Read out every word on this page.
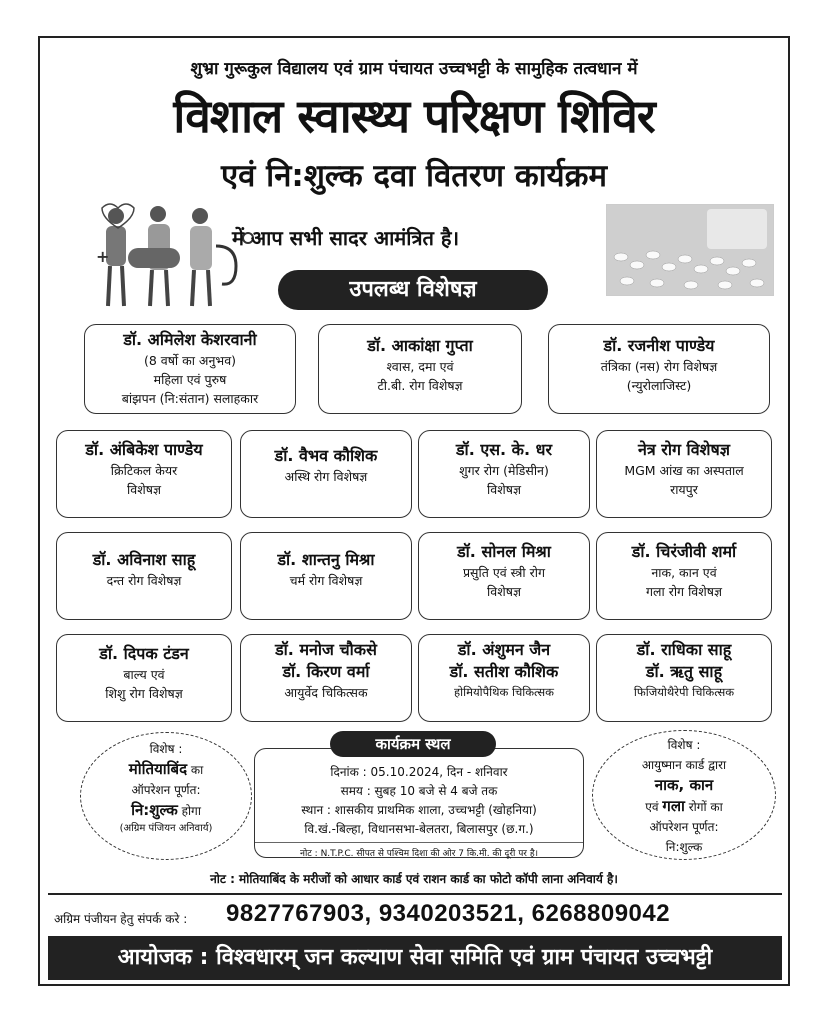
शुभ्रा गुरूकुल विद्यालय एवं ग्राम पंचायत उच्चभट्टी के सामुहिक तत्वधान में
विशाल स्वास्थ्य परिक्षण शिविर
एवं नि:शुल्क दवा वितरण कार्यक्रम
+
में आप सभी सादर आमंत्रित है।
उपलब्ध विशेषज्ञ
डॉ. अमिलेश केशरवानी
(8 वर्षो का अनुभव)
महिला एवं पुरुष
बांझपन (नि:संतान) सलाहकार
डॉ. आकांक्षा गुप्ता
श्वास, दमा एवं
टी.बी. रोग विशेषज्ञ
डॉ. रजनीश पाण्डेय
तंत्रिका (नस) रोग विशेषज्ञ
(न्युरोलाजिस्ट)
डॉ. अंबिकेश पाण्डेय
क्रिटिकल केयर
विशेषज्ञ
डॉ. वैभव कौशिक
अस्थि रोग विशेषज्ञ
डॉ. एस. के. धर
शुगर रोग (मेडिसीन)
विशेषज्ञ
नेत्र रोग विशेषज्ञ
MGM आंख का अस्पताल
रायपुर
डॉ. अविनाश साहू
दन्त रोग विशेषज्ञ
डॉ. शान्तनु मिश्रा
चर्म रोग विशेषज्ञ
डॉ. सोनल मिश्रा
प्रसुति एवं स्त्री रोग
विशेषज्ञ
डॉ. चिरंजीवी शर्मा
नाक, कान एवं
गला रोग विशेषज्ञ
डॉ. दिपक टंडन
बाल्य एवं
शिशु रोग विशेषज्ञ
डॉ. मनोज चौकसे
डॉ. किरण वर्मा
आयुर्वेद चिकित्सक
डॉ. अंशुमन जैन
डॉ. सतीश कौशिक
होमियोपैथिक चिकित्सक
डॉ. राधिका साहू
डॉ. ऋतु साहू
फिजियोथैरेपी चिकित्सक
विशेष :
मोतियाबिंद का
ऑपरेशन पूर्णत:
नि:शुल्क होगा
(अग्रिम पंजियन अनिवार्य)
दिनांक : 05.10.2024, दिन - शनिवार
समय : सुबह 10 बजे से 4 बजे तक
स्थान : शासकीय प्राथमिक शाला, उच्चभट्टी (खोहनिया)
वि.खं.-बिल्हा, विधानसभा-बेलतरा, बिलासपुर (छ.ग.)
नोट : N.T.P.C. सीपत से पश्चिम दिशा की ओर 7 कि.मी. की दूरी पर है।
कार्यक्रम स्थल	विशेष :
आयुष्मान कार्ड द्वारा
नाक, कान
एवं गला रोगों का
ऑपरेशन पूर्णत:
नि:शुल्क
नोट : मोतियाबिंद के मरीजों को आधार कार्ड एवं राशन कार्ड का फोटो कॉपी लाना अनिवार्य है।
अग्रिम पंजीयन हेतु संपर्क करे : 9827767903, 9340203521, 6268809042
आयोजक : विश्वधारम् जन कल्याण सेवा समिति एवं ग्राम पंचायत उच्चभट्टी
